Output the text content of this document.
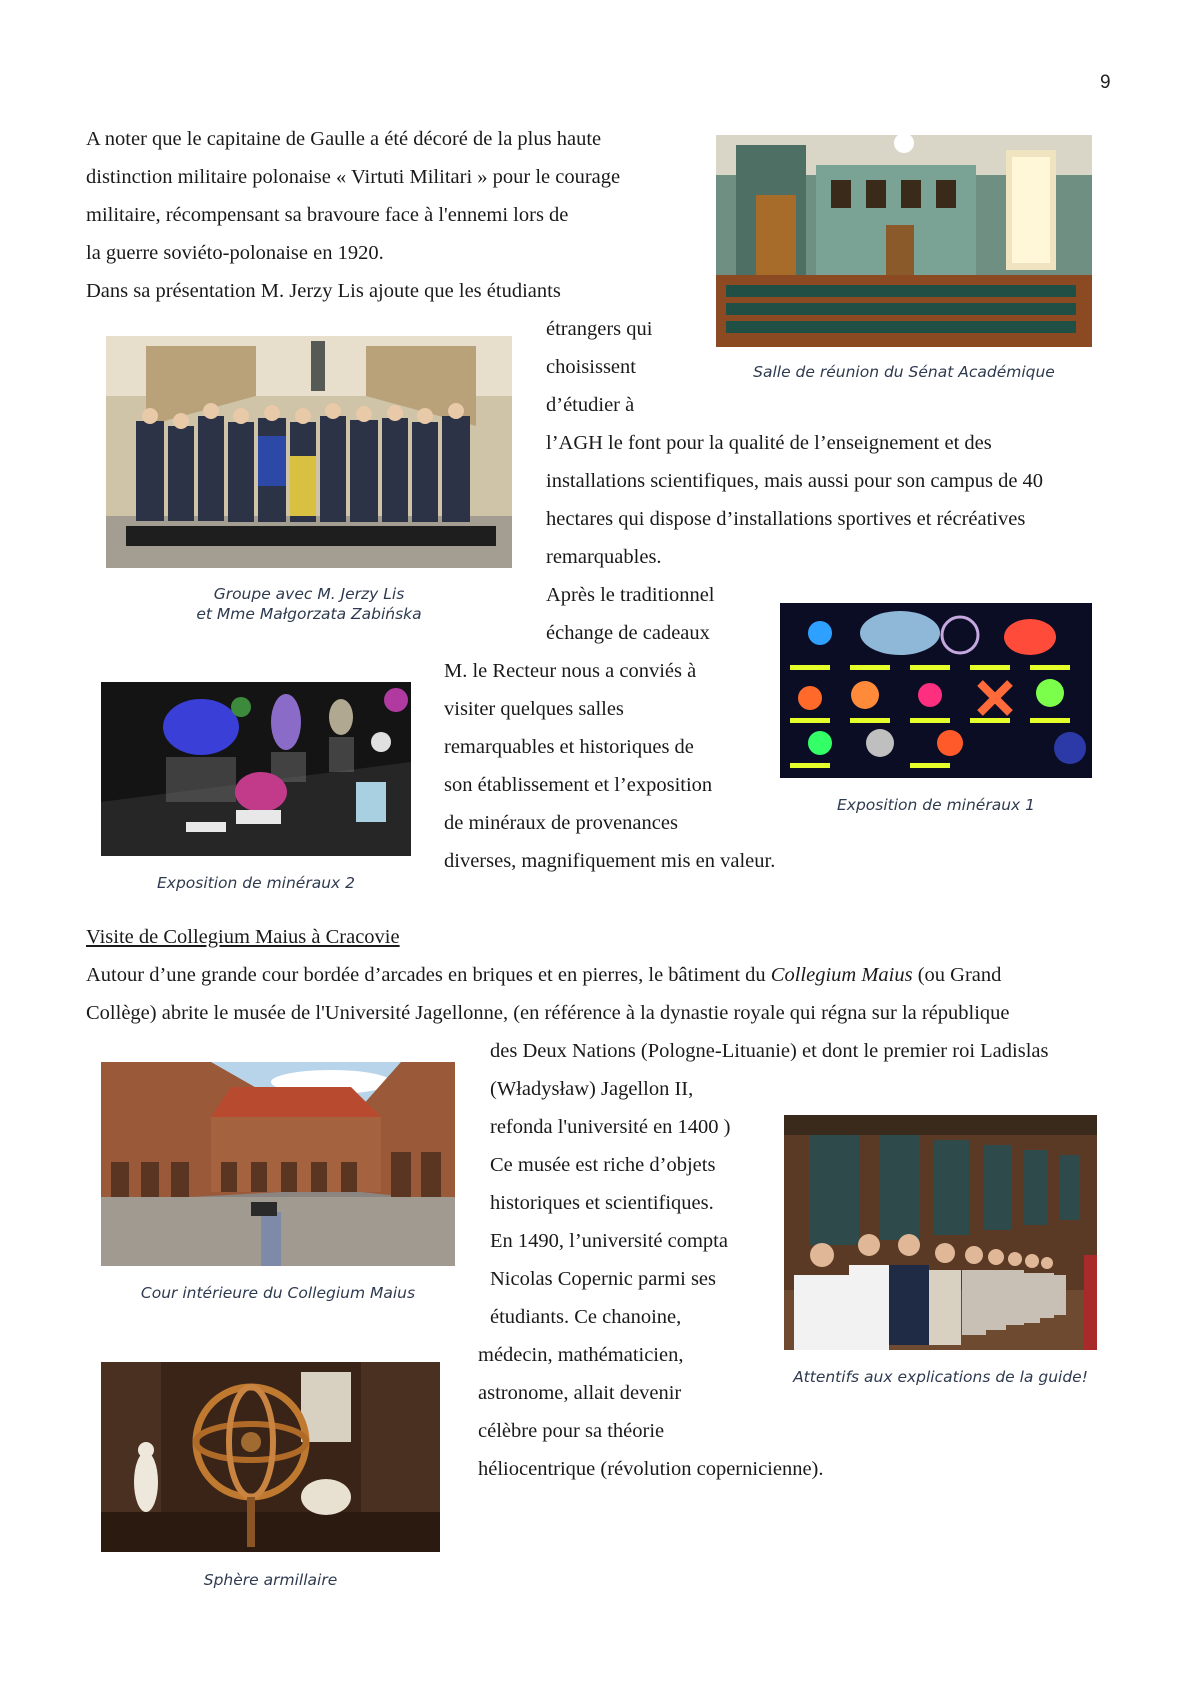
9
A noter que le capitaine de Gaulle a été décoré de la plus haute
distinction militaire polonaise « Virtuti Militari » pour le courage
militaire, récompensant sa bravoure face à l'ennemi lors de
la guerre soviéto-polonaise en 1920.
Dans sa présentation M. Jerzy Lis ajoute que les étudiants
étrangers qui
choisissent
d’étudier à
l’AGH le font pour la qualité de l’enseignement et des
installations scientifiques, mais aussi pour son campus de 40
hectares qui dispose d’installations sportives et récréatives
remarquables.
Après le traditionnel
échange de cadeaux
M. le Recteur nous a conviés à
visiter quelques salles
remarquables et historiques de
son établissement et l’exposition
de minéraux de provenances
diverses, magnifiquement mis en valeur.
Visite de Collegium Maius à Cracovie
Autour d’une grande cour bordée d’arcades en briques et en pierres, le bâtiment du Collegium Maius (ou Grand
Collège) abrite le musée de l'Université Jagellonne, (en référence à la dynastie royale qui régna sur la république
des Deux Nations (Pologne-Lituanie) et dont le premier roi Ladislas
(Władysław) Jagellon II,
refonda l'université en 1400 )
Ce musée est riche d’objets
historiques et scientifiques.
En 1490, l’université compta
Nicolas Copernic parmi ses
étudiants. Ce chanoine,
médecin, mathématicien,
astronome, allait devenir
célèbre pour sa théorie
héliocentrique (révolution copernicienne).
Salle de réunion du Sénat Académique
Groupe avec M. Jerzy Lis
et Mme Małgorzata Zabińska
Exposition de minéraux 1
Exposition de minéraux 2
Cour intérieure du Collegium Maius
Attentifs aux explications de la guide!
Sphère armillaire
